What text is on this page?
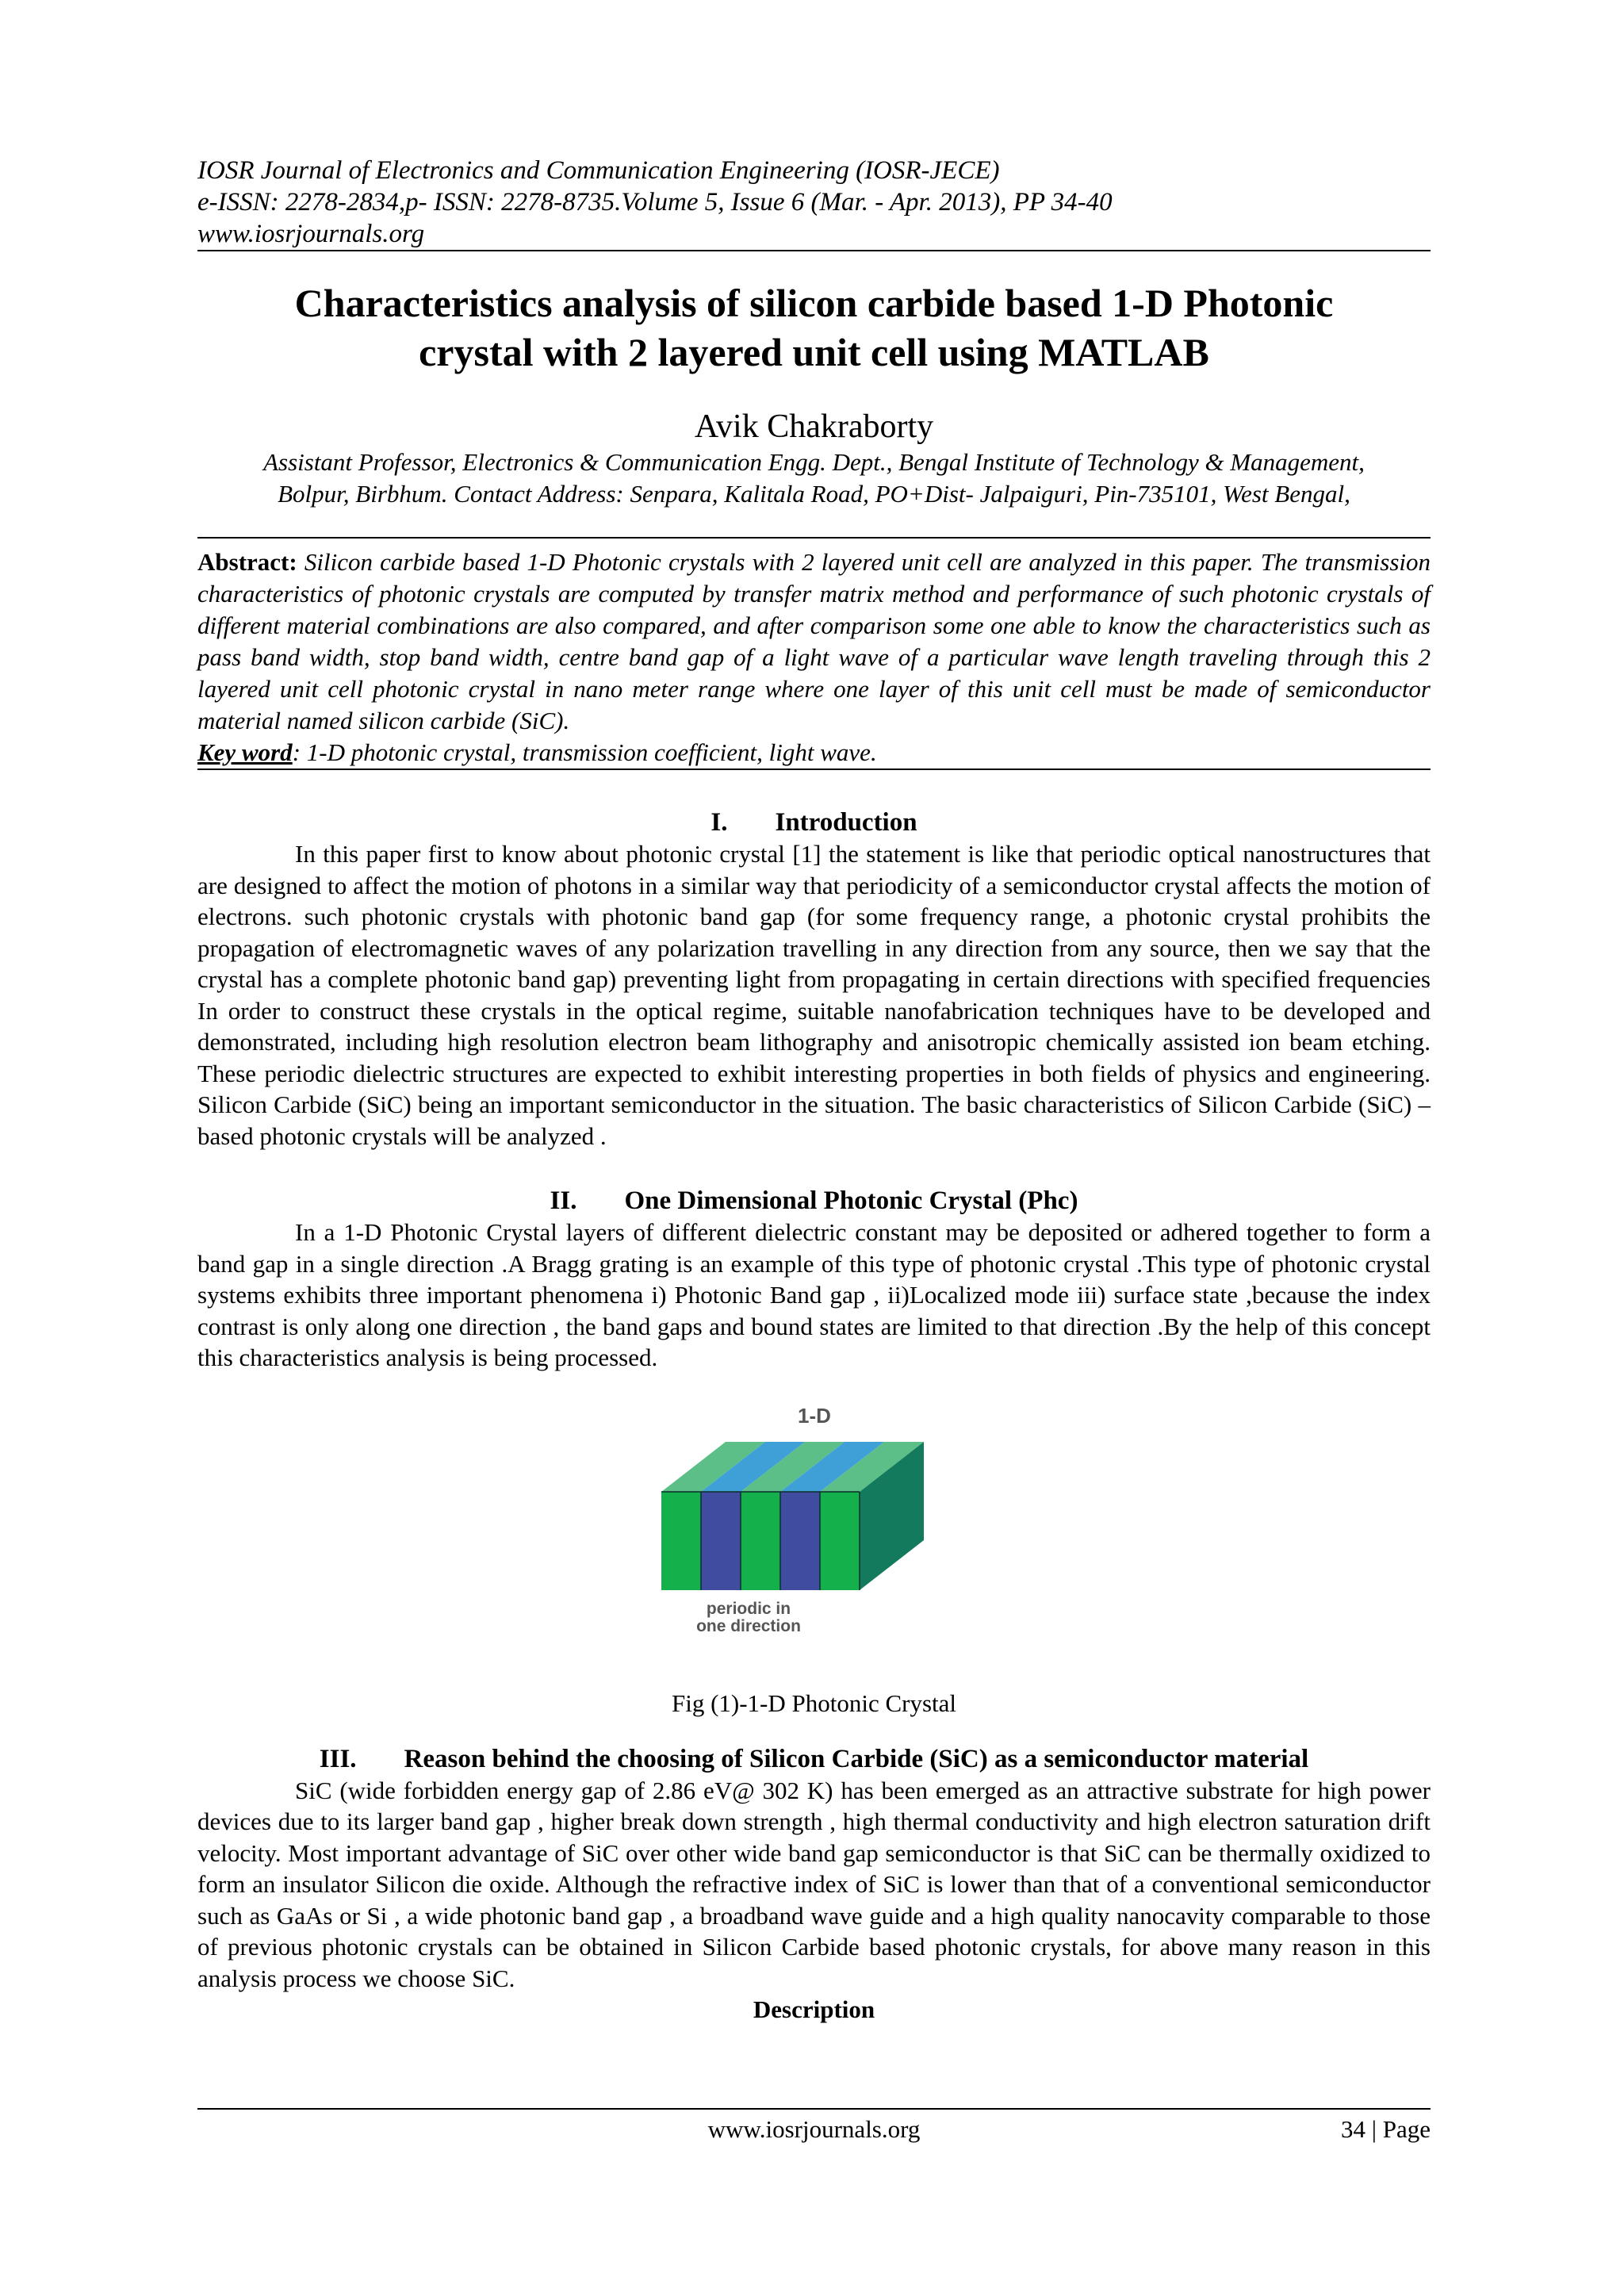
IOSR Journal of Electronics and Communication Engineering (IOSR-JECE)
e-ISSN: 2278-2834,p- ISSN: 2278-8735.Volume 5, Issue 6 (Mar. - Apr. 2013), PP 34-40
www.iosrjournals.org
Characteristics analysis of silicon carbide based 1-D Photonic
crystal with 2 layered unit cell using MATLAB
Avik Chakraborty
Assistant Professor, Electronics & Communication Engg. Dept., Bengal Institute of Technology & Management,
Bolpur, Birbhum. Contact Address: Senpara, Kalitala Road, PO+Dist- Jalpaiguri, Pin-735101, West Bengal,
Abstract: Silicon carbide based 1-D Photonic crystals with 2 layered unit cell are analyzed in this paper. The transmission characteristics of photonic crystals are computed by transfer matrix method and performance of such photonic crystals of different material combinations are also compared, and after comparison some one able to know the characteristics such as pass band width, stop band width, centre band gap of a light wave of a particular wave length traveling through this 2 layered unit cell photonic crystal in nano meter range where one layer of this unit cell must be made of semiconductor material named silicon carbide (SiC).
Key word: 1-D photonic crystal, transmission coefficient, light wave.
I. Introduction
In this paper first to know about photonic crystal [1] the statement is like that periodic optical nanostructures that are designed to affect the motion of photons in a similar way that periodicity of a semiconductor crystal affects the motion of electrons. such photonic crystals with photonic band gap (for some frequency range, a photonic crystal prohibits the propagation of electromagnetic waves of any polarization travelling in any direction from any source, then we say that the crystal has a complete photonic band gap) preventing light from propagating in certain directions with specified frequencies In order to construct these crystals in the optical regime, suitable nanofabrication techniques have to be developed and demonstrated, including high resolution electron beam lithography and anisotropic chemically assisted ion beam etching. These periodic dielectric structures are expected to exhibit interesting properties in both fields of physics and engineering. Silicon Carbide (SiC) being an important semiconductor in the situation. The basic characteristics of Silicon Carbide (SiC) – based photonic crystals will be analyzed .
II. One Dimensional Photonic Crystal (Phc)
In a 1-D Photonic Crystal layers of different dielectric constant may be deposited or adhered together to form a band gap in a single direction .A Bragg grating is an example of this type of photonic crystal .This type of photonic crystal systems exhibits three important phenomena i) Photonic Band gap , ii)Localized mode iii) surface state ,because the index contrast is only along one direction , the band gaps and bound states are limited to that direction .By the help of this concept this characteristics analysis is being processed.
1-D
periodic in
one direction
Fig (1)-1-D Photonic Crystal
III. Reason behind the choosing of Silicon Carbide (SiC) as a semiconductor material
SiC (wide forbidden energy gap of 2.86 eV@ 302 K) has been emerged as an attractive substrate for high power devices due to its larger band gap , higher break down strength , high thermal conductivity and high electron saturation drift velocity. Most important advantage of SiC over other wide band gap semiconductor is that SiC can be thermally oxidized to form an insulator Silicon die oxide. Although the refractive index of SiC is lower than that of a conventional semiconductor such as GaAs or Si , a wide photonic band gap , a broadband wave guide and a high quality nanocavity comparable to those of previous photonic crystals can be obtained in Silicon Carbide based photonic crystals, for above many reason in this analysis process we choose SiC.
Description
www.iosrjournals.org	34 | Page
